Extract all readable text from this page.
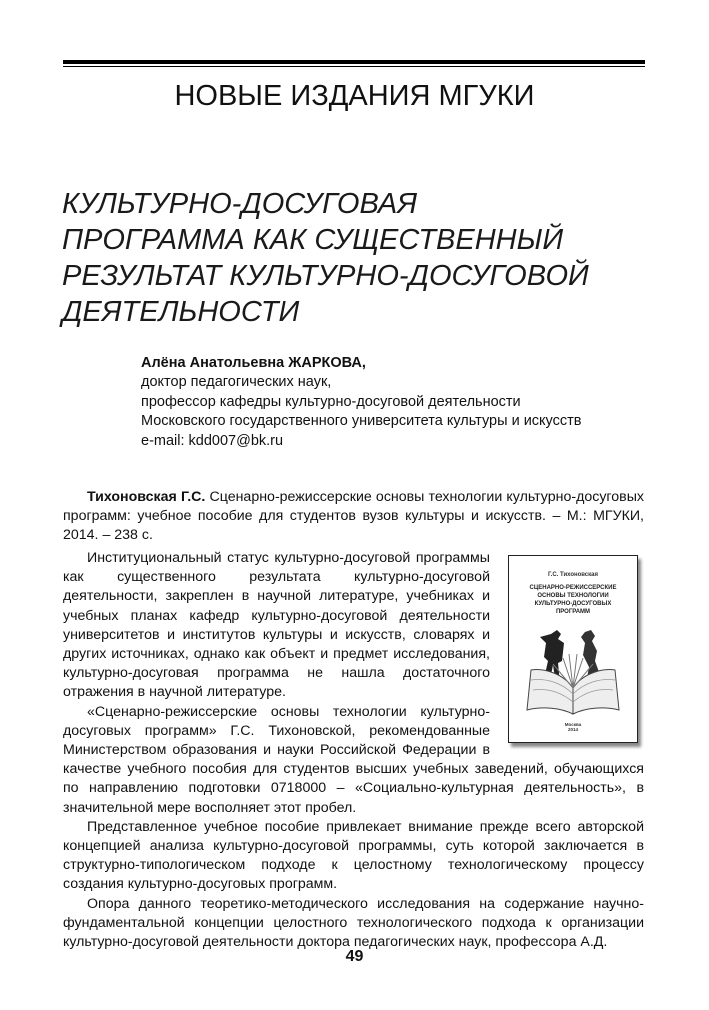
НОВЫЕ ИЗДАНИЯ МГУКИ
КУЛЬТУРНО-ДОСУГОВАЯ
ПРОГРАММА КАК СУЩЕСТВЕННЫЙ
РЕЗУЛЬТАТ КУЛЬТУРНО-ДОСУГОВОЙ
ДЕЯТЕЛЬНОСТИ
Алёна Анатольевна ЖАРКОВА,
доктор педагогических наук,
профессор кафедры культурно-досуговой деятельности
Московского государственного университета культуры и искусств
e-mail: kdd007@bk.ru
Тихоновская Г.С. Сценарно-режиссерские основы технологии культурно-досуговых программ: учебное пособие для студентов вузов культуры и искусств. – М.: МГУКИ, 2014. – 238 с.
Г.С. Тихоновская
СЦЕНАРНО-РЕЖИССЕРСКИЕ
ОСНОВЫ ТЕХНОЛОГИИ
КУЛЬТУРНО-ДОСУГОВЫХ
ПРОГРАММ
Москва
2014

Институциональный статус культурно-досуговой программы как существенного результата культурно-досуговой деятельности, закреплен в научной литературе, учебниках и учебных планах кафедр культурно-досуговой деятельности университетов и институтов культуры и искусств, словарях и других источниках, однако как объект и предмет исследования, культурно-досуговая программа не нашла достаточного отражения в научной литературе.

«Сценарно-режиссерские основы технологии культурно-досуговых программ» Г.С. Тихоновской, рекомендованные Министерством образования и науки Российской Федерации в качестве учебного пособия для студентов высших учебных заведений, обучающихся по направлению подготовки 0718000 – «Социально-культурная деятельность», в значительной мере восполняет этот пробел.

Представленное учебное пособие привлекает внимание прежде всего авторской концепцией анализа культурно-досуговой программы, суть которой заключается в структурно-типологическом подходе к целостному технологическому процессу создания культурно-досуговых программ.

Опора данного теоретико-методического исследования на содержание научно-фундаментальной концепции целостного технологического подхода к организации культурно-досуговой деятельности доктора педагогических наук, профессора А.Д.

49
